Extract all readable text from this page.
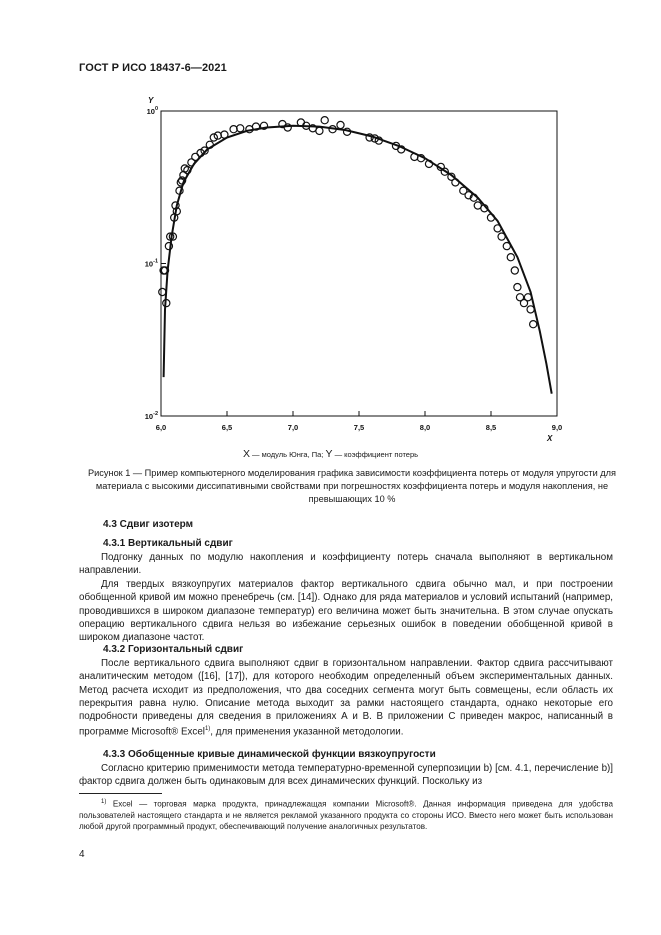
ГОСТ Р ИСО 18437-6—2021
6,0	6,5	7,0	7,5	8,0	8,5	9,0
$10^0$
$10^{-1}$
$10^{-2}$
Y
X
X — модуль Юнга, Па; Y — коэффициент потерь
Рисунок 1 — Пример компьютерного моделирования графика зависимости коэффициента потерь от модуля упругости для материала с высокими диссипативными свойствами при погрешностях коэффициента потерь и модуля накопления, не превышающих 10 %
4.3 Сдвиг изотерм
4.3.1 Вертикальный сдвиг
Подгонку данных по модулю накопления и коэффициенту потерь сначала выполняют в вертикальном направлении.
Для твердых вязкоупругих материалов фактор вертикального сдвига обычно мал, и при построении обобщенной кривой им можно пренебречь (см. [14]). Однако для ряда материалов и условий испытаний (например, проводившихся в широком диапазоне температур) его величина может быть значительна. В этом случае опускать операцию вертикального сдвига нельзя во избежание серьезных ошибок в поведении обобщенной кривой в широком диапазоне частот.
4.3.2 Горизонтальный сдвиг
После вертикального сдвига выполняют сдвиг в горизонтальном направлении. Фактор сдвига рассчитывают аналитическим методом ([16], [17]), для которого необходим определенный объем экспериментальных данных. Метод расчета исходит из предположения, что два соседних сегмента могут быть совмещены, если область их перекрытия равна нулю. Описание метода выходит за рамки настоящего стандарта, однако некоторые его подробности приведены для сведения в приложениях А и В. В приложении С приведен макрос, написанный в программе Microsoft® Excel$^{1)}$, для применения указанной методологии.
4.3.3 Обобщенные кривые динамической функции вязкоупругости
Согласно критерию применимости метода температурно-временной суперпозиции b) [см. 4.1, перечисление b)] фактор сдвига должен быть одинаковым для всех динамических функций. Поскольку из
$^{1)}$ Excel — торговая марка продукта, принадлежащая компании Microsoft®. Данная информация приведена для удобства пользователей настоящего стандарта и не является рекламой указанного продукта со стороны ИСО. Вместо него может быть использован любой другой программный продукт, обеспечивающий получение аналогичных результатов.
4
